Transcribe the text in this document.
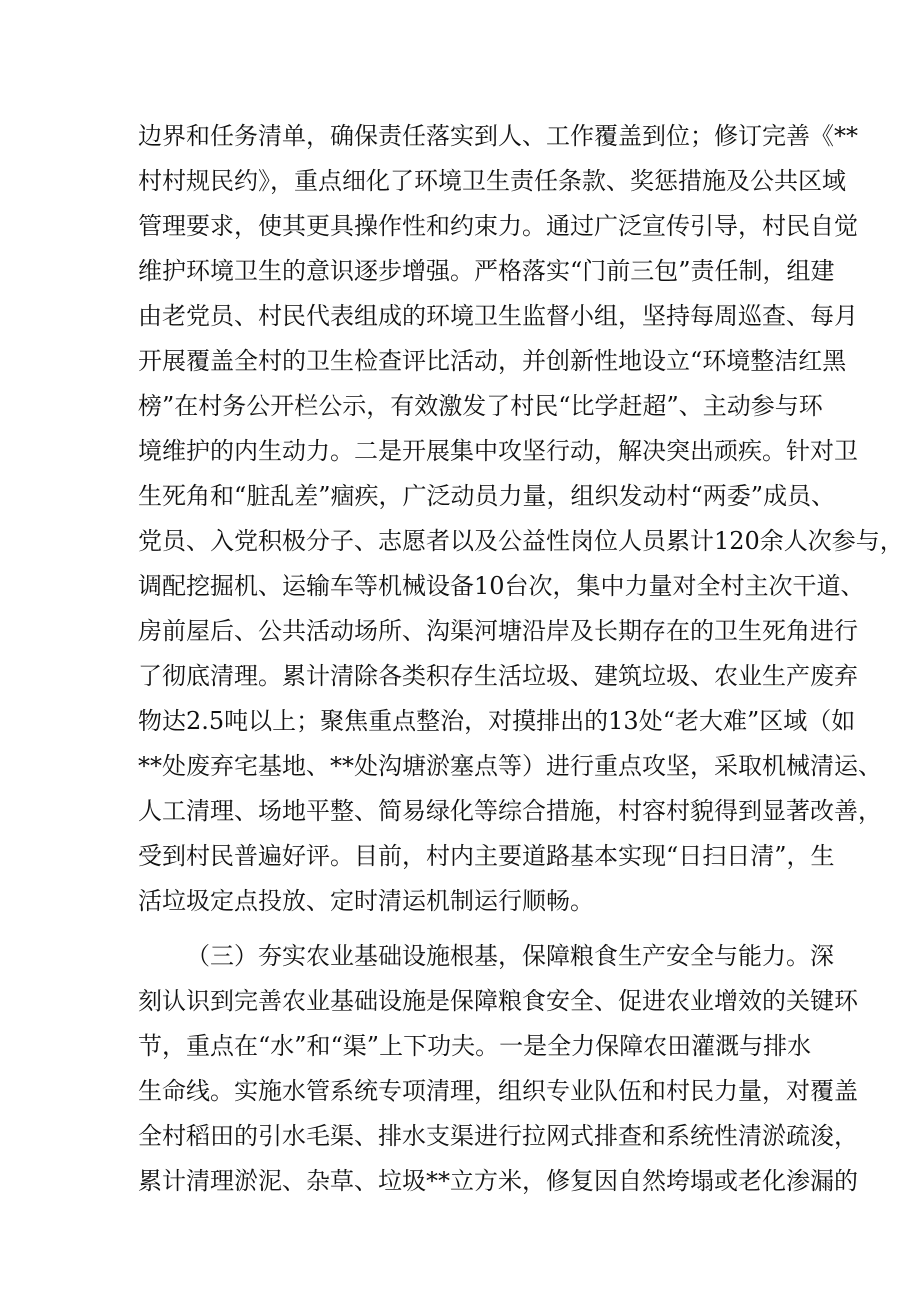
边界和任务清单，确保责任落实到人、工作覆盖到位；修订完善《**
村村规民约》，重点细化了环境卫生责任条款、奖惩措施及公共区域
管理要求，使其更具操作性和约束力。通过广泛宣传引导，村民自觉
维护环境卫生的意识逐步增强。严格落实“门前三包”责任制，组建
由老党员、村民代表组成的环境卫生监督小组，坚持每周巡查、每月
开展覆盖全村的卫生检查评比活动，并创新性地设立“环境整洁红黑
榜”在村务公开栏公示，有效激发了村民“比学赶超”、主动参与环
境维护的内生动力。二是开展集中攻坚行动，解决突出顽疾。针对卫
生死角和“脏乱差”痼疾，广泛动员力量，组织发动村“两委”成员、
党员、入党积极分子、志愿者以及公益性岗位人员累计120余人次参与，
调配挖掘机、运输车等机械设备10台次，集中力量对全村主次干道、
房前屋后、公共活动场所、沟渠河塘沿岸及长期存在的卫生死角进行
了彻底清理。累计清除各类积存生活垃圾、建筑垃圾、农业生产废弃
物达2.5吨以上；聚焦重点整治，对摸排出的13处“老大难”区域（如
**处废弃宅基地、**处沟塘淤塞点等）进行重点攻坚，采取机械清运、
人工清理、场地平整、简易绿化等综合措施，村容村貌得到显著改善，
受到村民普遍好评。目前，村内主要道路基本实现“日扫日清”，生
活垃圾定点投放、定时清运机制运行顺畅。
（三）夯实农业基础设施根基，保障粮食生产安全与能力。深
刻认识到完善农业基础设施是保障粮食安全、促进农业增效的关键环
节，重点在“水”和“渠”上下功夫。一是全力保障农田灌溉与排水
生命线。实施水管系统专项清理，组织专业队伍和村民力量，对覆盖
全村稻田的引水毛渠、排水支渠进行拉网式排查和系统性清淤疏浚，
累计清理淤泥、杂草、垃圾**立方米，修复因自然垮塌或老化渗漏的
